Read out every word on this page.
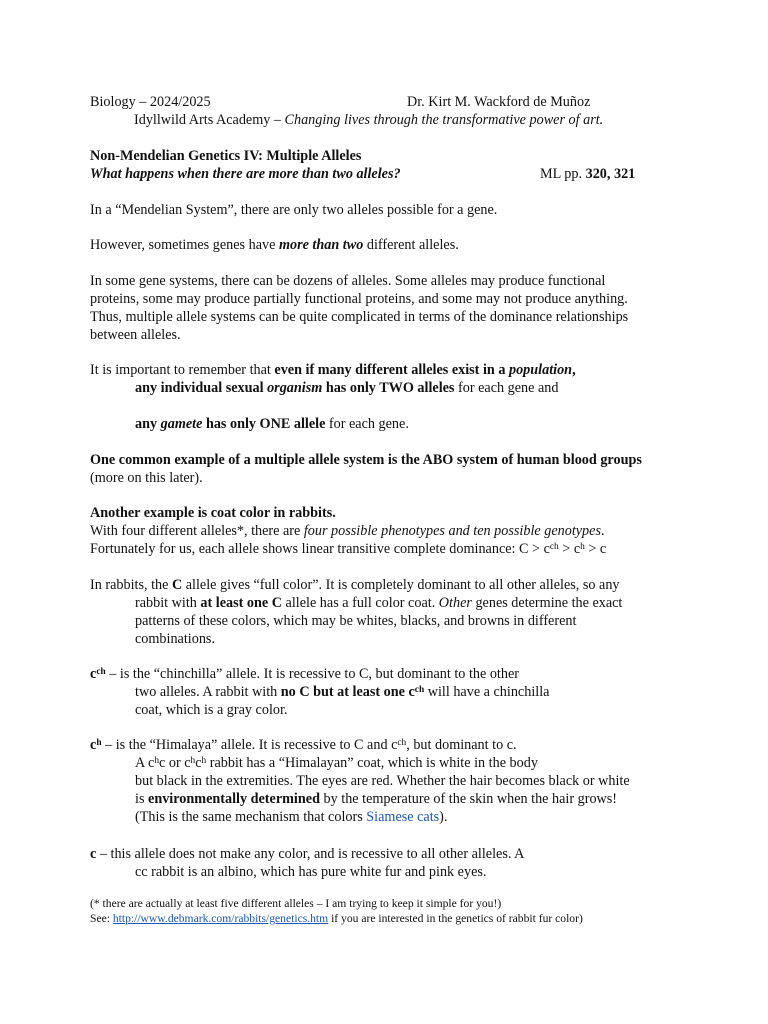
Biology – 2024/2025	Dr. Kirt M. Wackford de Muñoz
Idyllwild Arts Academy – Changing lives through the transformative power of art.
Non-Mendelian Genetics IV: Multiple Alleles
What happens when there are more than two alleles?	ML pp. 320, 321
In a “Mendelian System”, there are only two alleles possible for a gene.
However, sometimes genes have more than two different alleles.
In some gene systems, there can be dozens of alleles. Some alleles may produce functional
proteins, some may produce partially functional proteins, and some may not produce anything.
Thus, multiple allele systems can be quite complicated in terms of the dominance relationships
between alleles.
It is important to remember that even if many different alleles exist in a population,
any individual sexual organism has only TWO alleles for each gene and
any gamete has only ONE allele for each gene.
One common example of a multiple allele system is the ABO system of human blood groups
(more on this later).
Another example is coat color in rabbits.
With four different alleles*, there are four possible phenotypes and ten possible genotypes.
Fortunately for us, each allele shows linear transitive complete dominance: $C > c^{ch} > c^h > c$
In rabbits, the C allele gives “full color”. It is completely dominant to all other alleles, so any
rabbit with at least one C allele has a full color coat. Other genes determine the exact
patterns of these colors, which may be whites, blacks, and browns in different
combinations.
$c^{ch}$ – is the “chinchilla” allele. It is recessive to C, but dominant to the other
two alleles. A rabbit with no C but at least one $c^{ch}$ will have a chinchilla
coat, which is a gray color.
$c^h$ – is the “Himalaya” allele. It is recessive to C and $c^{ch}$, but dominant to c.
A $c^hc$ or $c^hc^h$ rabbit has a “Himalayan” coat, which is white in the body
but black in the extremities. The eyes are red. Whether the hair becomes black or white
is environmentally determined by the temperature of the skin when the hair grows!
(This is the same mechanism that colors Siamese cats).
c – this allele does not make any color, and is recessive to all other alleles. A
cc rabbit is an albino, which has pure white fur and pink eyes.
(* there are actually at least five different alleles – I am trying to keep it simple for you!)
See: http://www.debmark.com/rabbits/genetics.htm if you are interested in the genetics of rabbit fur color)
